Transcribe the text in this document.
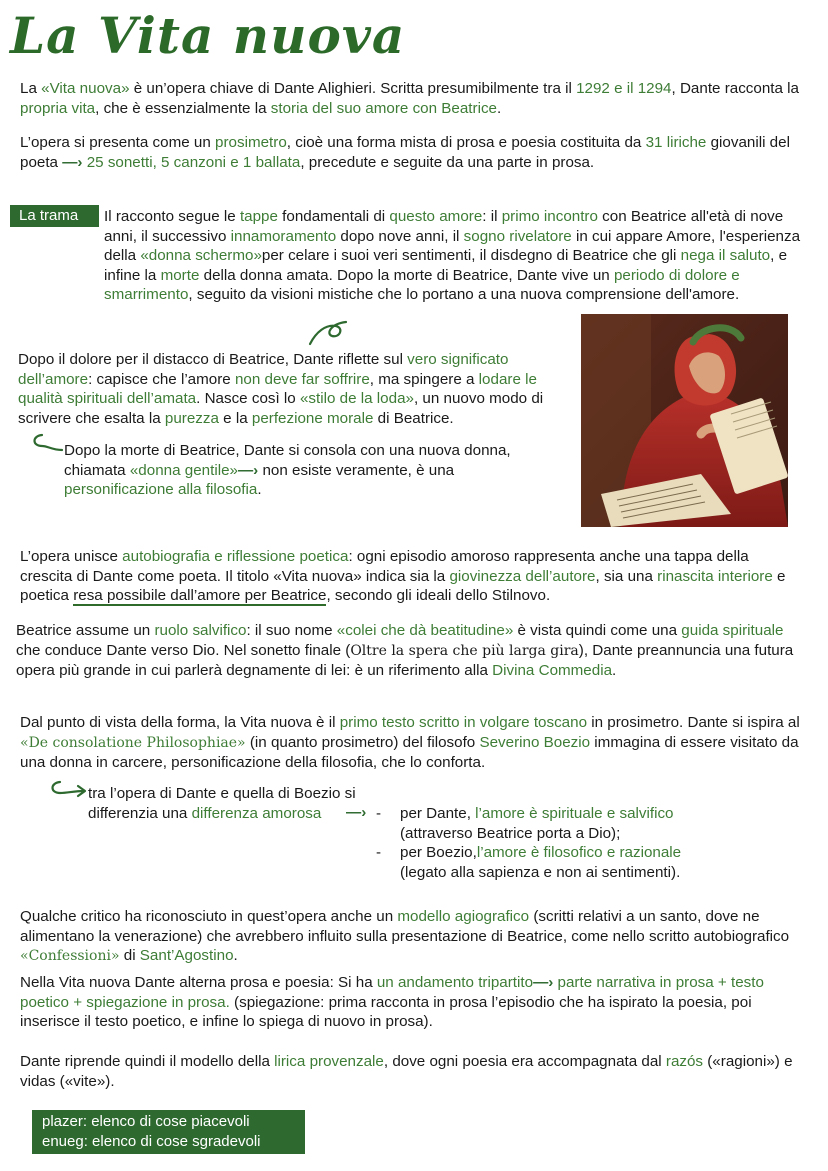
La Vita nuova
La «Vita nuova» è un’opera chiave di Dante Alighieri. Scritta presumibilmente tra il 1292 e il 1294, Dante racconta la propria vita, che è essenzialmente la storia del suo amore con Beatrice.
L’opera si presenta come un prosimetro, cioè una forma mista di prosa e poesia costituita da 31 liriche giovanili del poeta —› 25 sonetti, 5 canzoni e 1 ballata, precedute e seguite da una parte in prosa.
La trama	Il racconto segue le tappe fondamentali di questo amore: il primo incontro con Beatrice all'età di nove anni, il successivo innamoramento dopo nove anni, il sogno rivelatore in cui appare Amore, l'esperienza della «donna schermo»per celare i suoi veri sentimenti, il disdegno di Beatrice che gli nega il saluto, e infine la morte della donna amata. Dopo la morte di Beatrice, Dante vive un periodo di dolore e smarrimento, seguito da visioni mistiche che lo portano a una nuova comprensione dell'amore.
Dopo il dolore per il distacco di Beatrice, Dante riflette sul vero significato dell’amore: capisce che l’amore non deve far soffrire, ma spingere a lodare le qualità spirituali dell’amata. Nasce così lo «stilo de la loda», un nuovo modo di scrivere che esalta la purezza e la perfezione morale di Beatrice.
Dopo la morte di Beatrice, Dante si consola con una nuova donna, chiamata «donna gentile»—› non esiste veramente, è una personificazione alla filosofia.
L’opera unisce autobiografia e riflessione poetica: ogni episodio amoroso rappresenta anche una tappa della crescita di Dante come poeta. Il titolo «Vita nuova» indica sia la giovinezza dell’autore, sia una rinascita interiore e poetica resa possibile dall’amore per Beatrice, secondo gli ideali dello Stilnovo.
Beatrice assume un ruolo salvifico: il suo nome «colei che dà beatitudine» è vista quindi come una guida spirituale che conduce Dante verso Dio. Nel sonetto finale (Oltre la spera che più larga gira), Dante preannuncia una futura opera più grande in cui parlerà degnamente di lei: è un riferimento alla Divina Commedia.
Dal punto di vista della forma, la Vita nuova è il primo testo scritto in volgare toscano in prosimetro. Dante si ispira al «De consolatione Philosophiae» (in quanto prosimetro) del filosofo Severino Boezio immagina di essere visitato da una donna in carcere, personificazione della filosofia, che lo conforta.
tra l’opera di Dante e quella di Boezio si differenzia una differenza amorosa	—› - per Dante, l’amore è spirituale e salvifico (attraverso Beatrice porta a Dio);
- per Boezio,l’amore è filosofico e razionale (legato alla sapienza e non ai sentimenti).
Qualche critico ha riconosciuto in quest’opera anche un modello agiografico (scritti relativi a un santo, dove ne alimentano la venerazione) che avrebbero influito sulla presentazione di Beatrice, come nello scritto autobiografico «Confessioni» di Sant’Agostino.
Nella Vita nuova Dante alterna prosa e poesia: Si ha un andamento tripartito—› parte narrativa in prosa + testo poetico + spiegazione in prosa. (spiegazione: prima racconta in prosa l’episodio che ha ispirato la poesia, poi inserisce il testo poetico, e infine lo spiega di nuovo in prosa).
Dante riprende quindi il modello della lirica provenzale, dove ogni poesia era accompagnata dal razós («ragioni») e vidas («vite»).
plazer: elenco di cose piacevoli
enueg: elenco di cose sgradevoli
